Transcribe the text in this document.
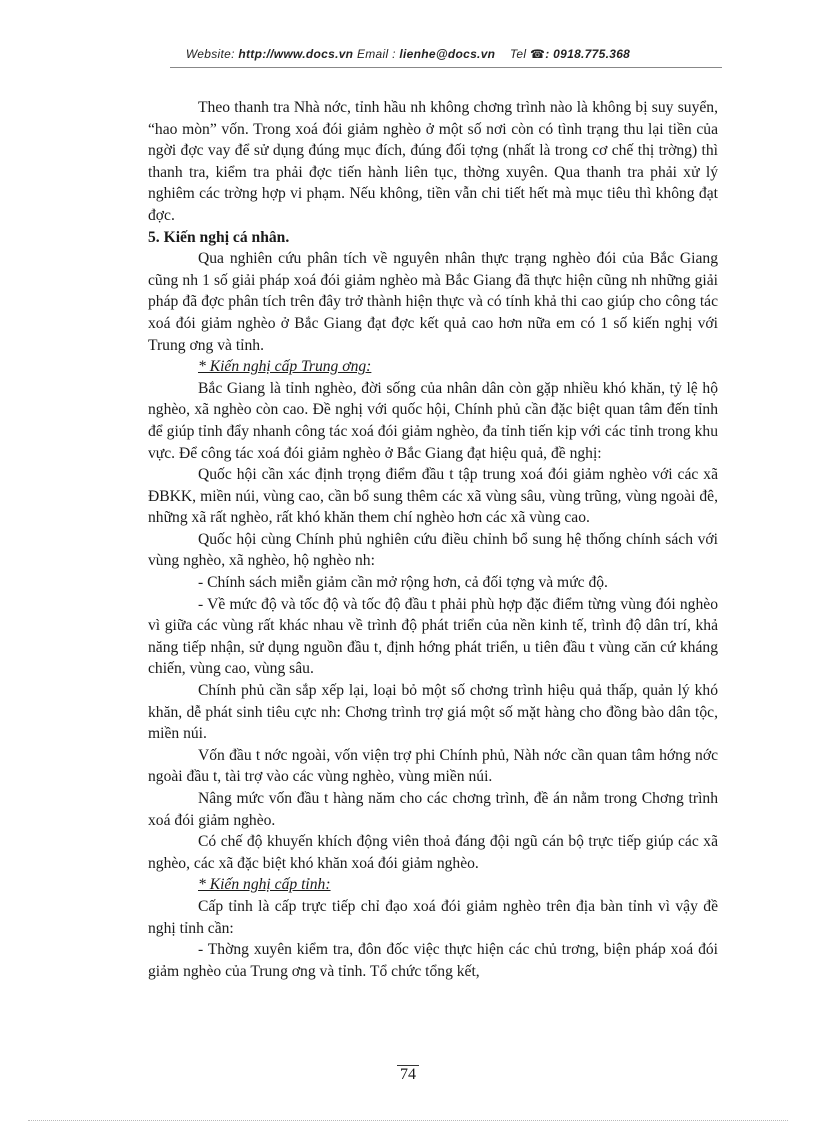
Website: http://www.docs.vn Email : lienhe@docs.vn Tel ☎: 0918.775.368

Theo thanh tra Nhà nớc, tỉnh hầu nh không chơng trình nào là không bị suy suyển, “hao mòn” vốn. Trong xoá đói giảm nghèo ở một số nơi còn có tình trạng thu lại tiền của ngời đợc vay để sử dụng đúng mục đích, đúng đối tợng (nhất là trong cơ chế thị trờng) thì thanh tra, kiểm tra phải đợc tiến hành liên tục, thờng xuyên. Qua thanh tra phải xử lý nghiêm các trờng hợp vi phạm. Nếu không, tiền vẫn chi tiết hết mà mục tiêu thì không đạt đợc.

5. Kiến nghị cá nhân.

Qua nghiên cứu phân tích về nguyên nhân thực trạng nghèo đói của Bắc Giang cũng nh 1 số giải pháp xoá đói giảm nghèo mà Bắc Giang đã thực hiện cũng nh những giải pháp đã đợc phân tích trên đây trở thành hiện thực và có tính khả thi cao giúp cho công tác xoá đói giảm nghèo ở Bắc Giang đạt đợc kết quả cao hơn nữa em có 1 số kiến nghị với Trung ơng và tỉnh.

* Kiến nghị cấp Trung ơng:

Bắc Giang là tỉnh nghèo, đời sống của nhân dân còn gặp nhiều khó khăn, tỷ lệ hộ nghèo, xã nghèo còn cao. Đề nghị với quốc hội, Chính phủ cần đặc biệt quan tâm đến tỉnh để giúp tỉnh đẩy nhanh công tác xoá đói giảm nghèo, đa tỉnh tiến kịp với các tỉnh trong khu vực. Để công tác xoá đói giảm nghèo ở Bắc Giang đạt hiệu quả, đề nghị:

Quốc hội cần xác định trọng điểm đầu t tập trung xoá đói giảm nghèo với các xã ĐBKK, miền núi, vùng cao, cần bổ sung thêm các xã vùng sâu, vùng trũng, vùng ngoài đê, những xã rất nghèo, rất khó khăn them chí nghèo hơn các xã vùng cao.

Quốc hội cùng Chính phủ nghiên cứu điều chỉnh bổ sung hệ thống chính sách với vùng nghèo, xã nghèo, hộ nghèo nh:

- Chính sách miễn giảm cần mở rộng hơn, cả đối tợng và mức độ.

- Về mức độ và tốc độ và tốc độ đầu t phải phù hợp đặc điểm từng vùng đói nghèo vì giữa các vùng rất khác nhau về trình độ phát triển của nền kinh tế, trình độ dân trí, khả năng tiếp nhận, sử dụng nguồn đầu t, định hớng phát triển, u tiên đầu t vùng căn cứ kháng chiến, vùng cao, vùng sâu.

Chính phủ cần sắp xếp lại, loại bỏ một số chơng trình hiệu quả thấp, quản lý khó khăn, dễ phát sinh tiêu cực nh: Chơng trình trợ giá một số mặt hàng cho đồng bào dân tộc, miền núi.

Vốn đầu t nớc ngoài, vốn viện trợ phi Chính phủ, Nàh nớc cần quan tâm hớng nớc ngoài đầu t, tài trợ vào các vùng nghèo, vùng miền núi.

Nâng mức vốn đầu t hàng năm cho các chơng trình, đề án nằm trong Chơng trình xoá đói giảm nghèo.

Có chế độ khuyến khích động viên thoả đáng đội ngũ cán bộ trực tiếp giúp các xã nghèo, các xã đặc biệt khó khăn xoá đói giảm nghèo.

* Kiến nghị cấp tỉnh:

Cấp tỉnh là cấp trực tiếp chỉ đạo xoá đói giảm nghèo trên địa bàn tỉnh vì vậy đề nghị tỉnh cần:

- Thờng xuyên kiểm tra, đôn đốc việc thực hiện các chủ trơng, biện pháp xoá đói giảm nghèo của Trung ơng và tỉnh. Tổ chức tổng kết,

74
